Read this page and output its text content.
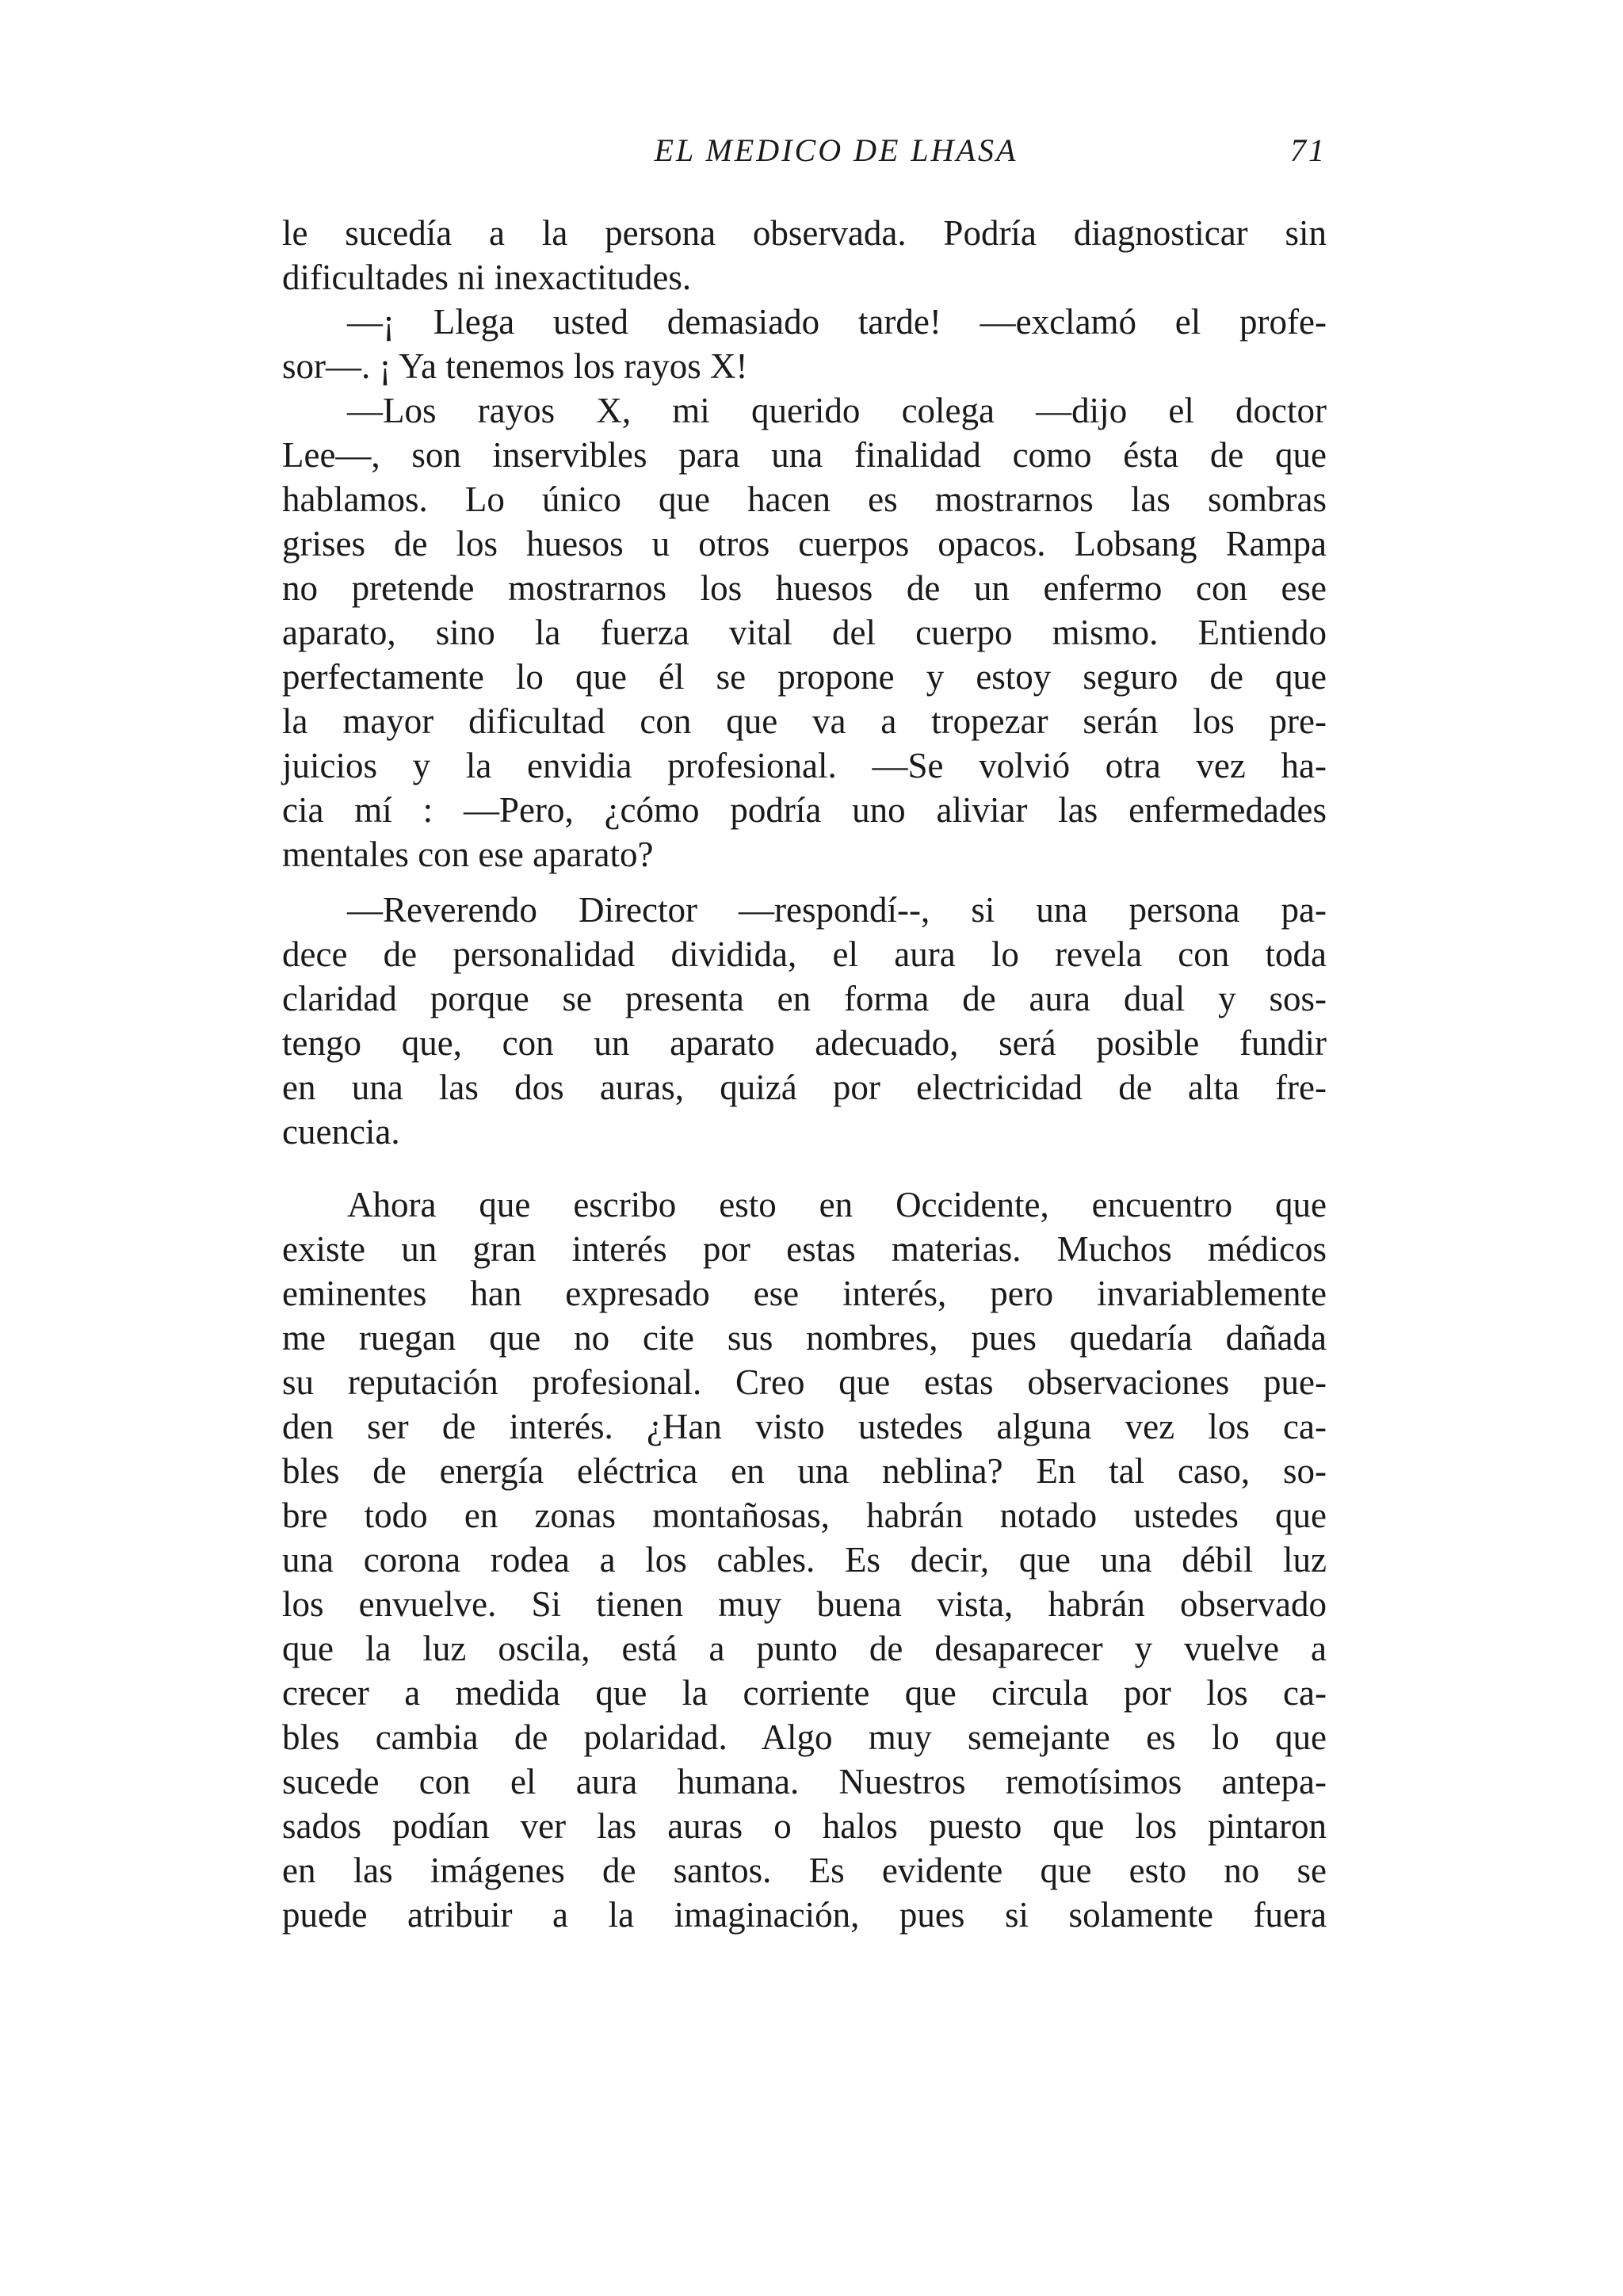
EL MEDICO DE LHASA	71
le sucedía a la persona observada. Podría diagnosticar sin
dificultades ni inexactitudes.
—¡ Llega usted demasiado tarde! —exclamó el profe-
sor—. ¡ Ya tenemos los rayos X!
—Los rayos X, mi querido colega —dijo el doctor
Lee—, son inservibles para una finalidad como ésta de que
hablamos. Lo único que hacen es mostrarnos las sombras
grises de los huesos u otros cuerpos opacos. Lobsang Rampa
no pretende mostrarnos los huesos de un enfermo con ese
aparato, sino la fuerza vital del cuerpo mismo. Entiendo
perfectamente lo que él se propone y estoy seguro de que
la mayor dificultad con que va a tropezar serán los pre-
juicios y la envidia profesional. —Se volvió otra vez ha-
cia mí : —Pero, ¿cómo podría uno aliviar las enfermedades
mentales con ese aparato?
—Reverendo Director —respondí--, si una persona pa-
dece de personalidad dividida, el aura lo revela con toda
claridad porque se presenta en forma de aura dual y sos-
tengo que, con un aparato adecuado, será posible fundir
en una las dos auras, quizá por electricidad de alta fre-
cuencia.
Ahora que escribo esto en Occidente, encuentro que
existe un gran interés por estas materias. Muchos médicos
eminentes han expresado ese interés, pero invariablemente
me ruegan que no cite sus nombres, pues quedaría dañada
su reputación profesional. Creo que estas observaciones pue-
den ser de interés. ¿Han visto ustedes alguna vez los ca-
bles de energía eléctrica en una neblina? En tal caso, so-
bre todo en zonas montañosas, habrán notado ustedes que
una corona rodea a los cables. Es decir, que una débil luz
los envuelve. Si tienen muy buena vista, habrán observado
que la luz oscila, está a punto de desaparecer y vuelve a
crecer a medida que la corriente que circula por los ca-
bles cambia de polaridad. Algo muy semejante es lo que
sucede con el aura humana. Nuestros remotísimos antepa-
sados podían ver las auras o halos puesto que los pintaron
en las imágenes de santos. Es evidente que esto no se
puede atribuir a la imaginación, pues si solamente fuera
